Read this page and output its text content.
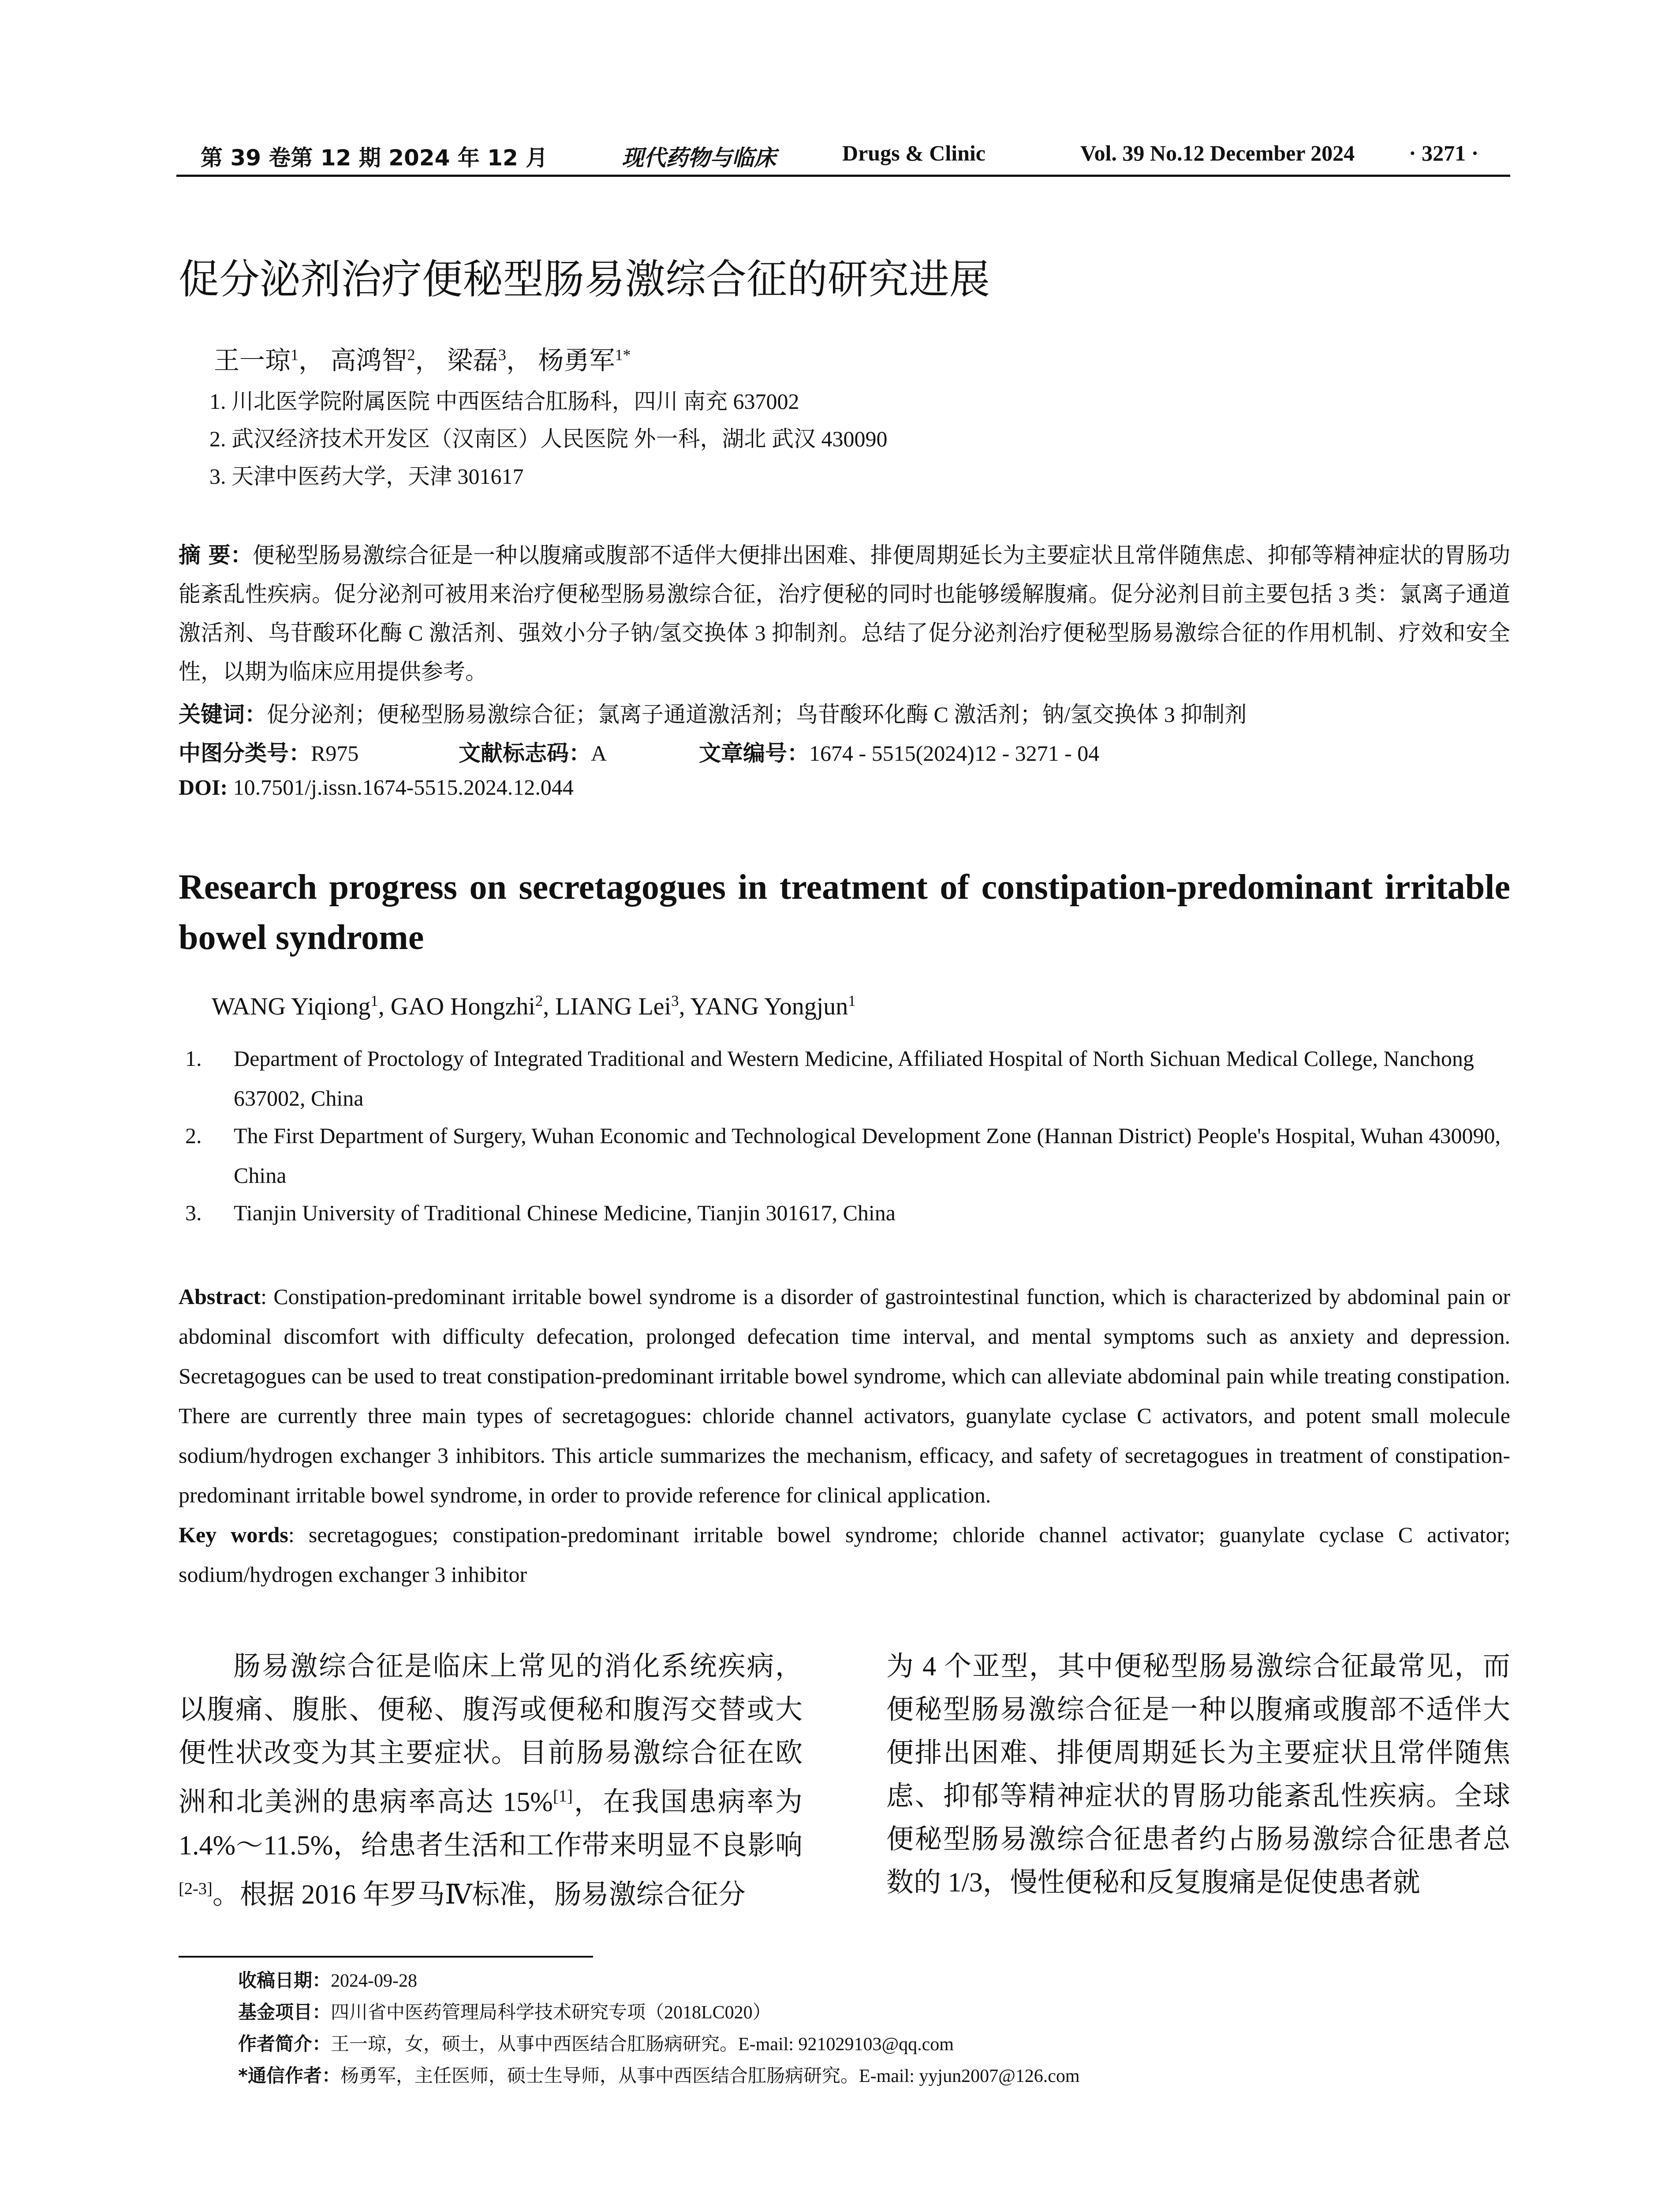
第 39 卷第 12 期 2024 年 12 月	现代药物与临床	Drugs & Clinic	Vol. 39 No.12 December 2024 · 3271 ·
促分泌剂治疗便秘型肠易激综合征的研究进展
王一琼$^1$， 高鸿智$^2$， 梁磊$^3$， 杨勇军$^{1*}$
1. 川北医学院附属医院 中西医结合肛肠科，四川 南充 637002
2. 武汉经济技术开发区（汉南区）人民医院 外一科，湖北 武汉 430090
3. 天津中医药大学，天津 301617

摘 要：便秘型肠易激综合征是一种以腹痛或腹部不适伴大便排出困难、排便周期延长为主要症状且常伴随焦虑、抑郁等精神症状的胃肠功能紊乱性疾病。促分泌剂可被用来治疗便秘型肠易激综合征，治疗便秘的同时也能够缓解腹痛。促分泌剂目前主要包括 3 类：氯离子通道激活剂、鸟苷酸环化酶 C 激活剂、强效小分子钠/氢交换体 3 抑制剂。总结了促分泌剂治疗便秘型肠易激综合征的作用机制、疗效和安全性，以期为临床应用提供参考。

关键词：促分泌剂；便秘型肠易激综合征；氯离子通道激活剂；鸟苷酸环化酶 C 激活剂；钠/氢交换体 3 抑制剂
中图分类号：R975	文献标志码：A	文章编号：1674 - 5515(2024)12 - 3271 - 04
DOI: 10.7501/j.issn.1674-5515.2024.12.044
Research progress on secretagogues in treatment of constipation-predominant irritable bowel syndrome
WANG Yiqiong$^1$, GAO Hongzhi$^2$, LIANG Lei$^3$, YANG Yongjun$^1$
1. Department of Proctology of Integrated Traditional and Western Medicine, Affiliated Hospital of North Sichuan Medical College, Nanchong 637002, China
2. The First Department of Surgery, Wuhan Economic and Technological Development Zone (Hannan District) People's Hospital, Wuhan 430090, China
3. Tianjin University of Traditional Chinese Medicine, Tianjin 301617, China

Abstract: Constipation-predominant irritable bowel syndrome is a disorder of gastrointestinal function, which is characterized by abdominal pain or abdominal discomfort with difficulty defecation, prolonged defecation time interval, and mental symptoms such as anxiety and depression. Secretagogues can be used to treat constipation-predominant irritable bowel syndrome, which can alleviate abdominal pain while treating constipation. There are currently three main types of secretagogues: chloride channel activators, guanylate cyclase C activators, and potent small molecule sodium/hydrogen exchanger 3 inhibitors. This article summarizes the mechanism, efficacy, and safety of secretagogues in treatment of constipation-predominant irritable bowel syndrome, in order to provide reference for clinical application.

Key words: secretagogues; constipation-predominant irritable bowel syndrome; chloride channel activator; guanylate cyclase C activator; sodium/hydrogen exchanger 3 inhibitor

肠易激综合征是临床上常见的消化系统疾病，以腹痛、腹胀、便秘、腹泻或便秘和腹泻交替或大便性状改变为其主要症状。目前肠易激综合征在欧洲和北美洲的患病率高达 15%[1]，在我国患病率为 1.4%～11.5%，给患者生活和工作带来明显不良影响[2-3]。根据 2016 年罗马Ⅳ标准，肠易激综合征分

为 4 个亚型，其中便秘型肠易激综合征最常见，而便秘型肠易激综合征是一种以腹痛或腹部不适伴大便排出困难、排便周期延长为主要症状且常伴随焦虑、抑郁等精神症状的胃肠功能紊乱性疾病。全球便秘型肠易激综合征患者约占肠易激综合征患者总数的 1/3，慢性便秘和反复腹痛是促使患者就

收稿日期：2024-09-28
基金项目：四川省中医药管理局科学技术研究专项（2018LC020）
作者简介：王一琼，女，硕士，从事中西医结合肛肠病研究。E-mail: 921029103@qq.com
*通信作者：杨勇军，主任医师，硕士生导师，从事中西医结合肛肠病研究。E-mail: yyjun2007@126.com
